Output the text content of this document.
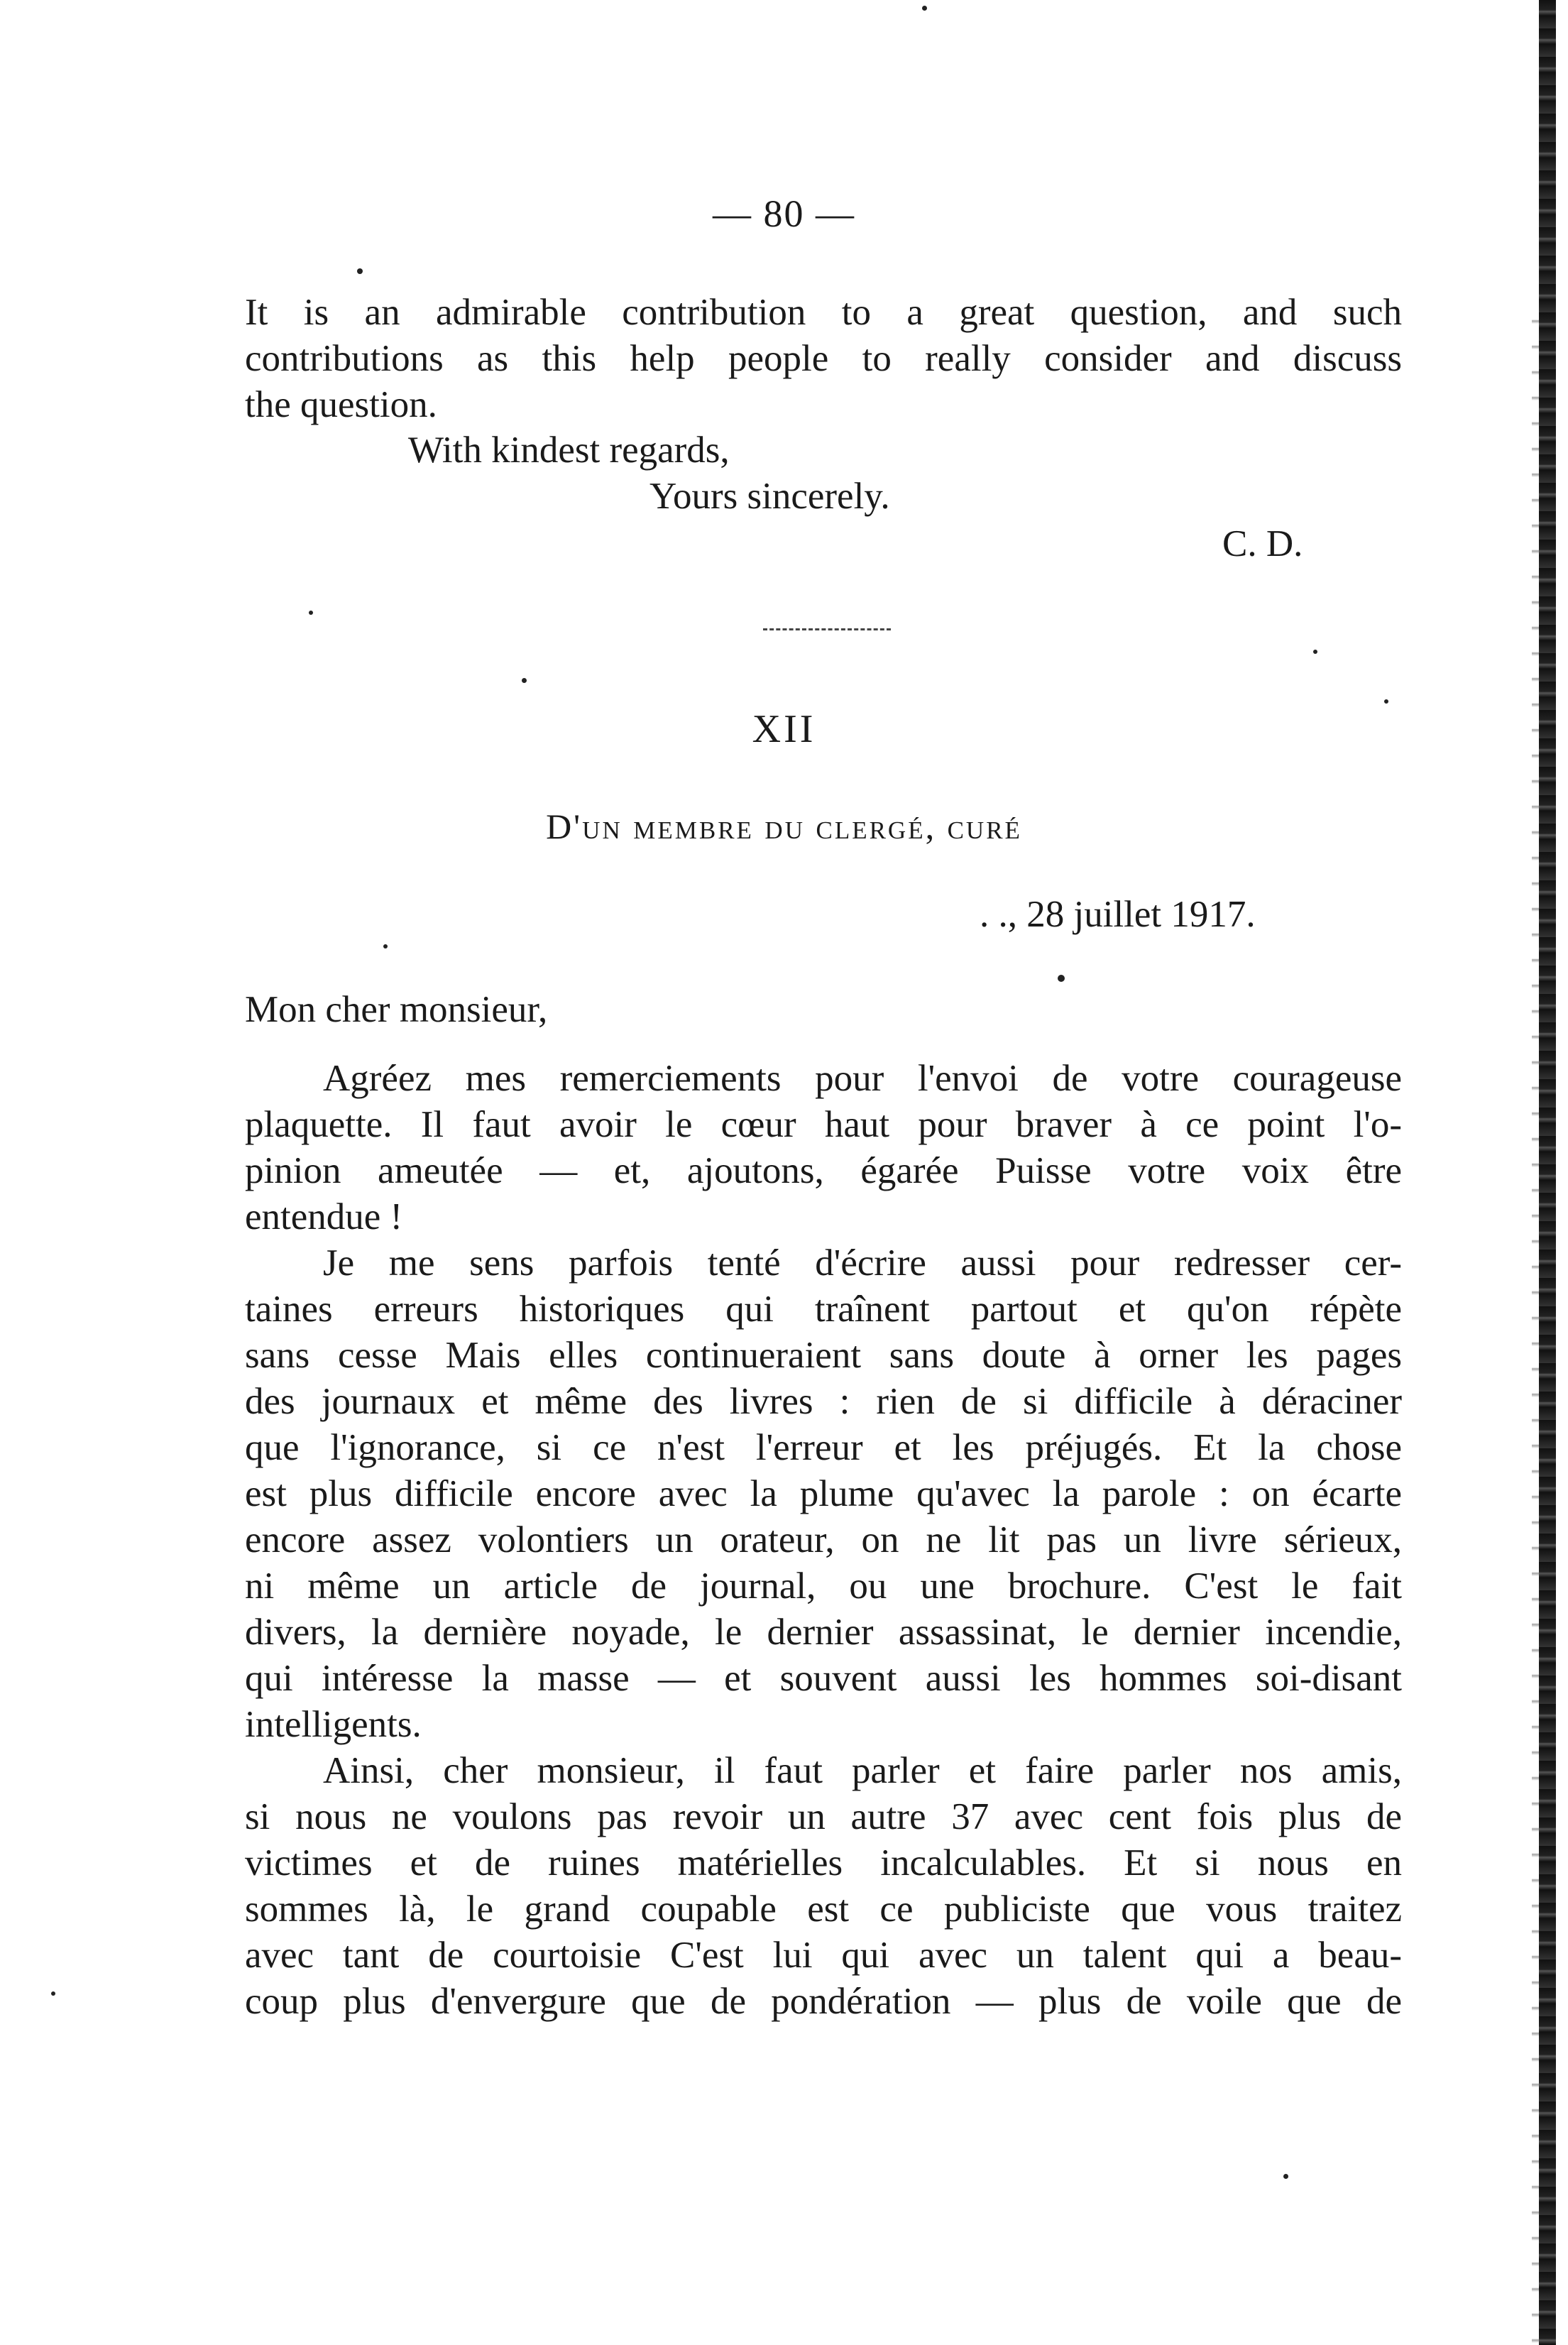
— 80 —
It is an admirable contribution to a great question, and such
contributions as this help people to really consider and discuss
the question.
With kindest regards,
Yours sincerely.
C. D.
XII
D'un membre du clergé, curé
. ., 28 juillet 1917.
Mon cher monsieur,
Agréez mes remerciements pour l'envoi de votre courageuse
plaquette. Il faut avoir le cœur haut pour braver à ce point l'o-
pinion ameutée — et, ajoutons, égarée Puisse votre voix être
entendue !
Je me sens parfois tenté d'écrire aussi pour redresser cer-
taines erreurs historiques qui traînent partout et qu'on répète
sans cesse Mais elles continueraient sans doute à orner les pages
des journaux et même des livres : rien de si difficile à déraciner
que l'ignorance, si ce n'est l'erreur et les préjugés. Et la chose
est plus difficile encore avec la plume qu'avec la parole : on écarte
encore assez volontiers un orateur, on ne lit pas un livre sérieux,
ni même un article de journal, ou une brochure. C'est le fait
divers, la dernière noyade, le dernier assassinat, le dernier incendie,
qui intéresse la masse — et souvent aussi les hommes soi-disant
intelligents.
Ainsi, cher monsieur, il faut parler et faire parler nos amis,
si nous ne voulons pas revoir un autre 37 avec cent fois plus de
victimes et de ruines matérielles incalculables. Et si nous en
sommes là, le grand coupable est ce publiciste que vous traitez
avec tant de courtoisie C'est lui qui avec un talent qui a beau-
coup plus d'envergure que de pondération — plus de voile que de
